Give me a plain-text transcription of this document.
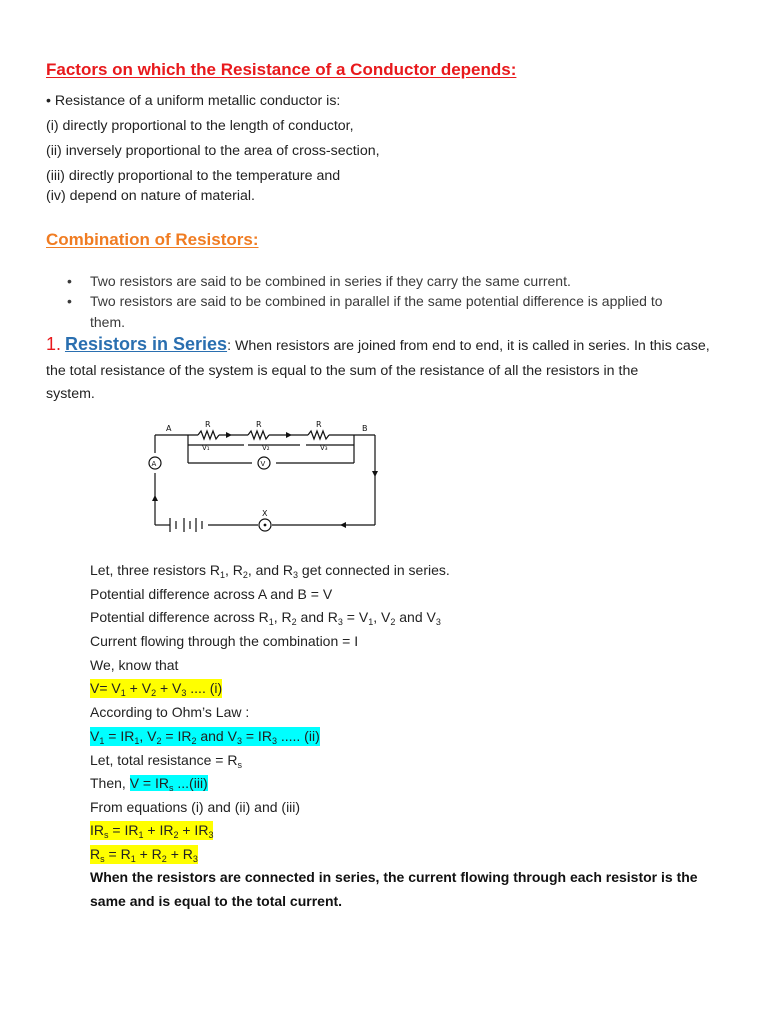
Factors on which the Resistance of a Conductor depends:
• Resistance of a uniform metallic conductor is:
(i) directly proportional to the length of conductor,
(ii) inversely proportional to the area of cross-section,
(iii) directly proportional to the temperature and
(iv) depend on nature of material.
Combination of Resistors:
• Two resistors are said to be combined in series if they carry the same current.
• Two resistors are said to be combined in parallel if the same potential difference is applied to
them.
1. Resistors in Series: When resistors are joined from end to end, it is called in series. In this case,
the total resistance of the system is equal to the sum of the resistance of all the resistors in the
system.
A	B
R	R	R
V₁	V₂	V₃
A	V
X
Let, three resistors $R_1$, $R_2$, and $R_3$ get connected in series.
Potential difference across A and B = V
Potential difference across $R_1$, $R_2$ and $R_3 = V_1$, $V_2$ and $V_3$
Current flowing through the combination = I
We, know that
$V= V_1 + V_2 + V_3$ .... (i)
According to Ohm’s Law :
$V_1 = IR_1$, $V_2 = IR_2$ and $V_3 = IR_3$ ..... (ii)
Let, total resistance = $R_s$
Then, $V = IR_s$ ...(iii)
From equations (i) and (ii) and (iii)
$IR_s = IR_1 + IR_2 + IR_3$
$R_s = R_1 + R_2 + R_3$
When the resistors are connected in series, the current flowing through each resistor is the
same and is equal to the total current.
